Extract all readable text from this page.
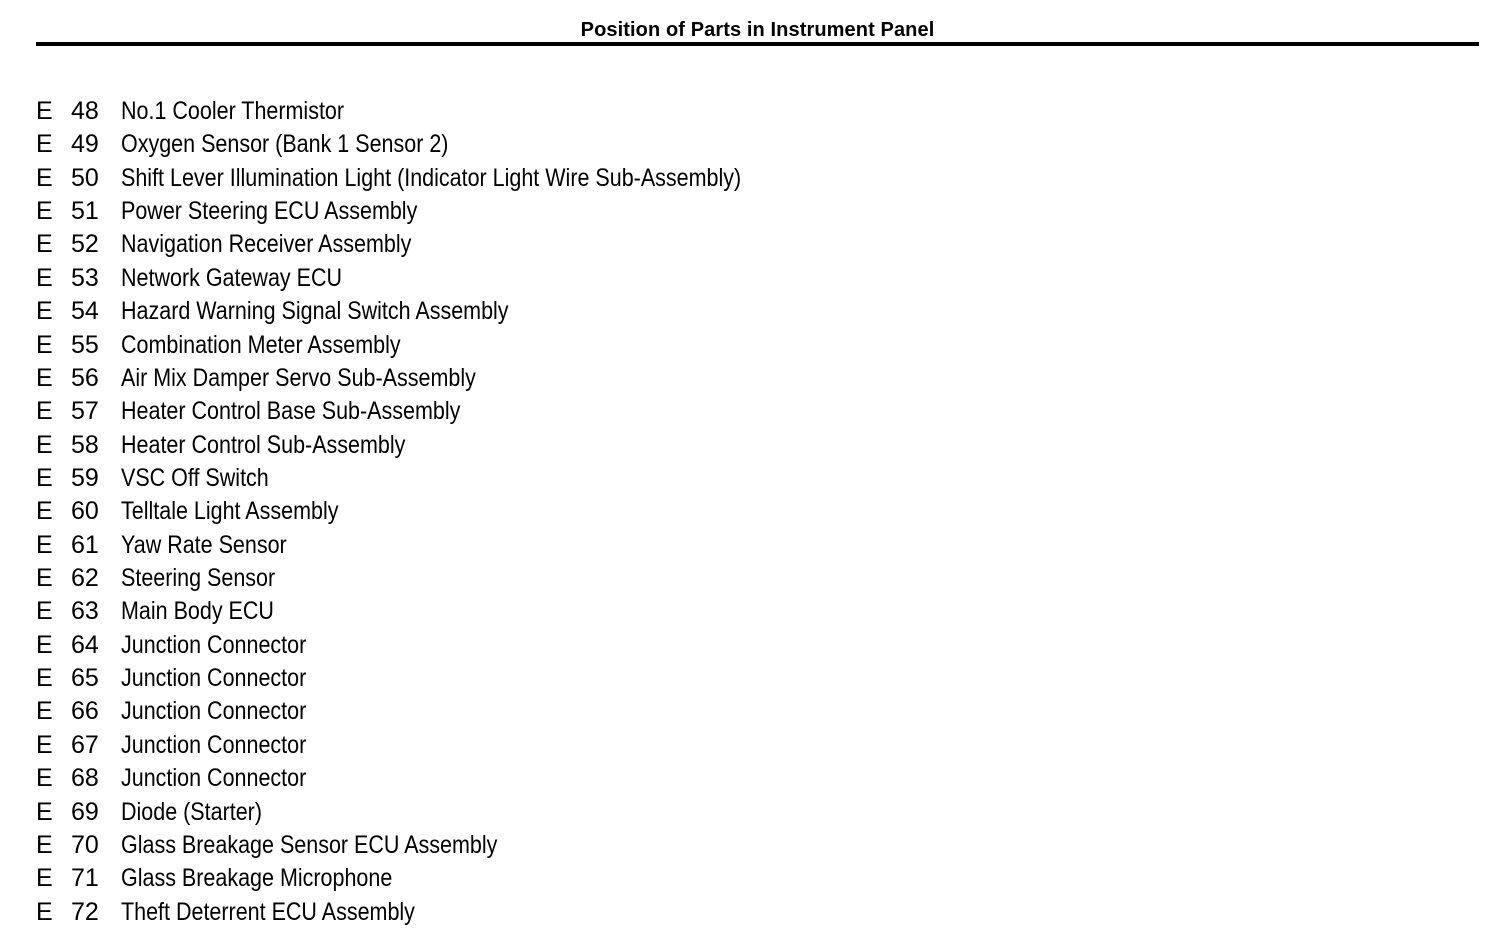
Position of Parts in Instrument Panel
E 48 No.1 Cooler Thermistor
E 49 Oxygen Sensor (Bank 1 Sensor 2)
E 50 Shift Lever Illumination Light (Indicator Light Wire Sub-Assembly)
E 51 Power Steering ECU Assembly
E 52 Navigation Receiver Assembly
E 53 Network Gateway ECU
E 54 Hazard Warning Signal Switch Assembly
E 55 Combination Meter Assembly
E 56 Air Mix Damper Servo Sub-Assembly
E 57 Heater Control Base Sub-Assembly
E 58 Heater Control Sub-Assembly
E 59 VSC Off Switch
E 60 Telltale Light Assembly
E 61 Yaw Rate Sensor
E 62 Steering Sensor
E 63 Main Body ECU
E 64 Junction Connector
E 65 Junction Connector
E 66 Junction Connector
E 67 Junction Connector
E 68 Junction Connector
E 69 Diode (Starter)
E 70 Glass Breakage Sensor ECU Assembly
E 71 Glass Breakage Microphone
E 72 Theft Deterrent ECU Assembly
